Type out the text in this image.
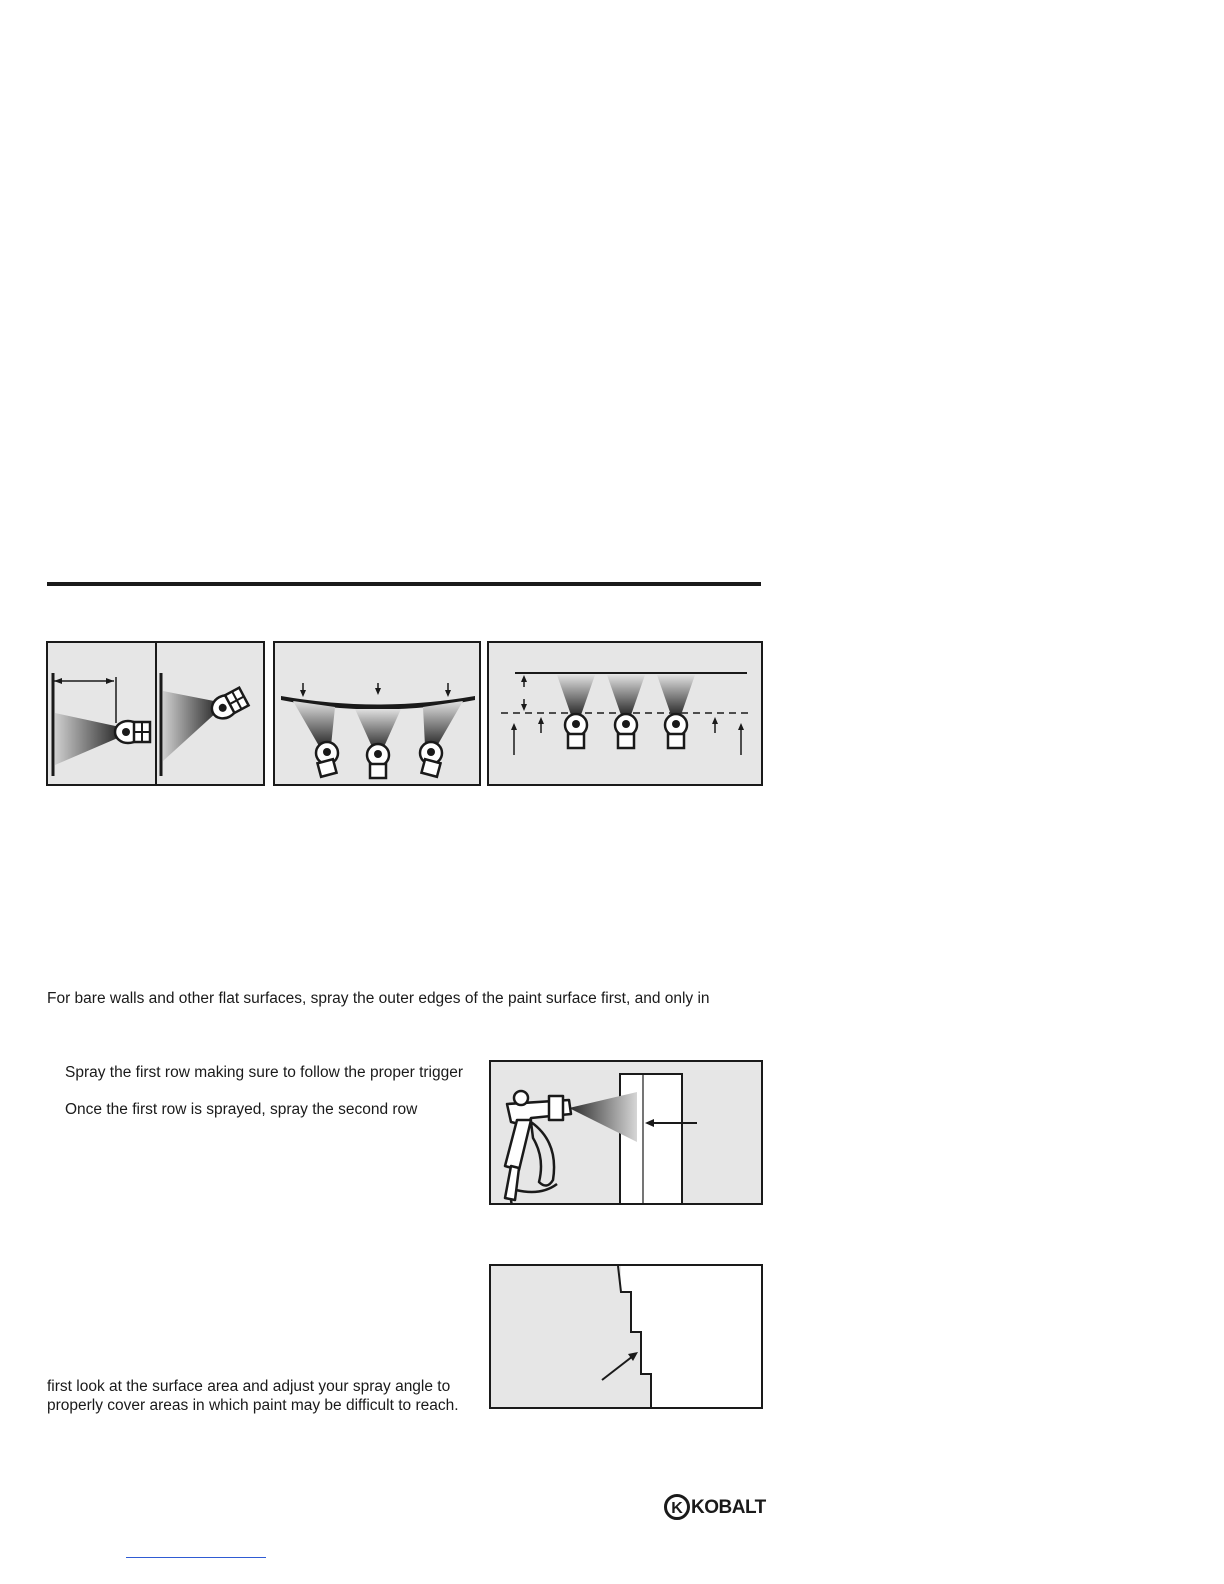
For bare walls and other flat surfaces, spray the outer edges of the paint surface first, and only in
Spray the first row making sure to follow the proper trigger
Once the first row is sprayed, spray the second row
first look at the surface area and adjust your spray angle to
properly cover areas in which paint may be difficult to reach.
K KOBALT
